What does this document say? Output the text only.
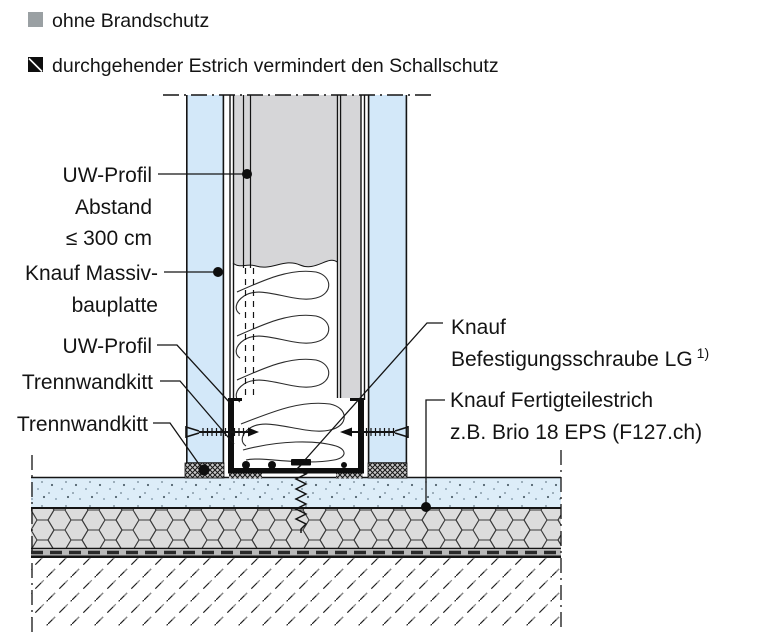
ohne Brandschutz
durchgehender Estrich vermindert den Schallschutz
UW-Profil
Abstand
≤ 300 cm
Knauf Massiv-
bauplatte
UW-Profil
Trennwandkitt
Trennwandkitt
Knauf
Befestigungsschraube LG $^{1)}$
Knauf Fertigteilestrich
z.B. Brio 18 EPS (F127.ch)
